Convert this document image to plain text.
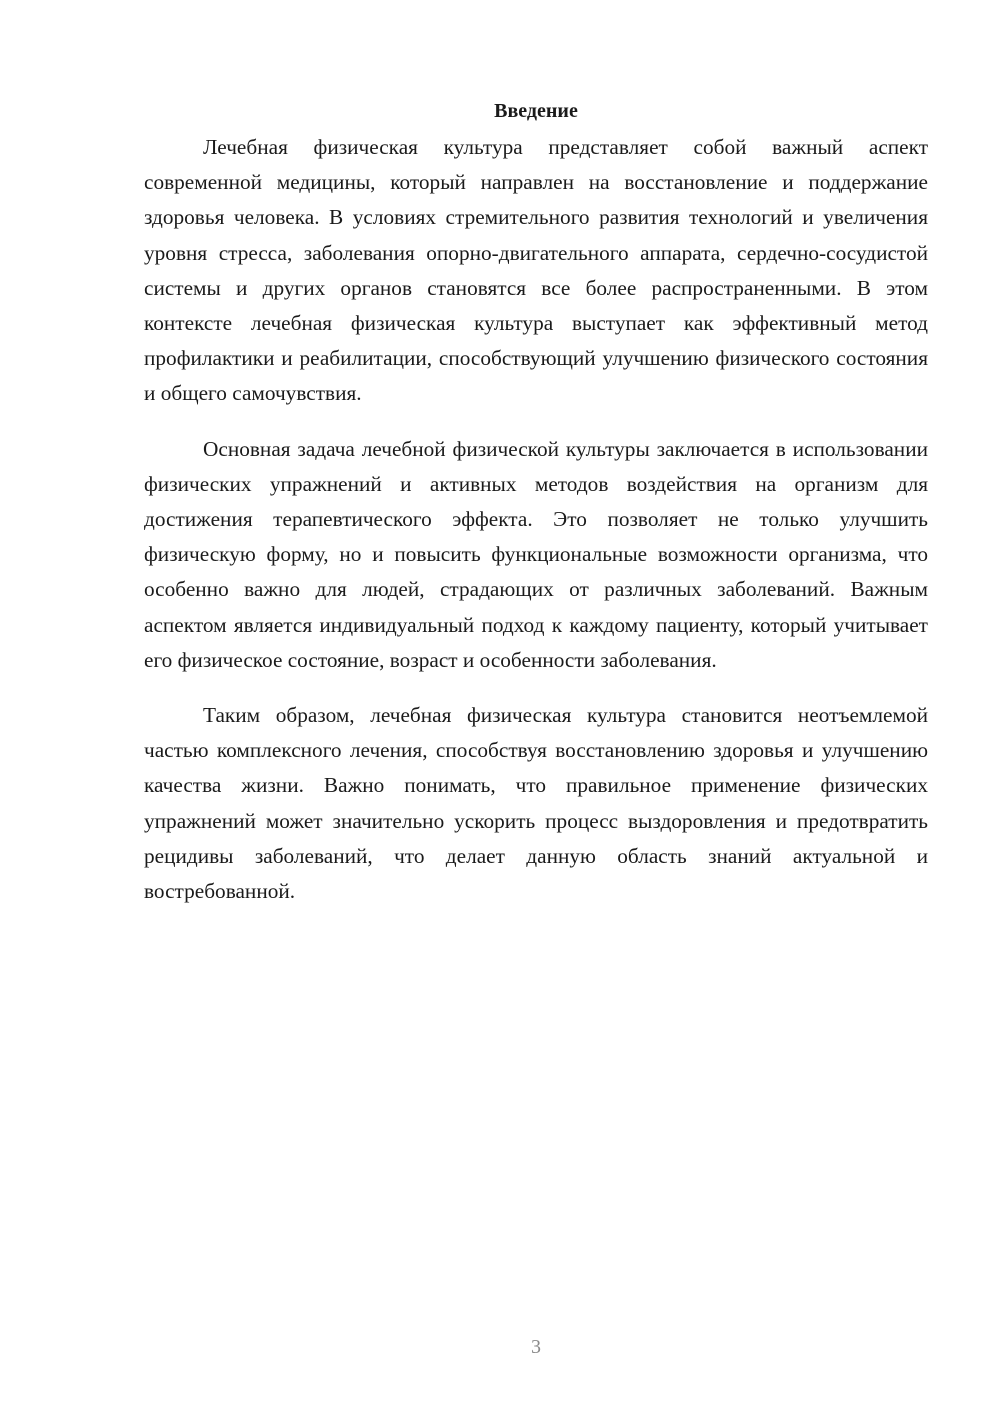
Введение

Лечебная физическая культура представляет собой важный аспект современной медицины, который направлен на восстановление и поддержание здоровья человека. В условиях стремительного развития технологий и увеличения уровня стресса, заболевания опорно-двигательного аппарата, сердечно-сосудистой системы и других органов становятся все более распространенными. В этом контексте лечебная физическая культура выступает как эффективный метод профилактики и реабилитации, способствующий улучшению физического состояния и общего самочувствия.

Основная задача лечебной физической культуры заключается в использовании физических упражнений и активных методов воздействия на организм для достижения терапевтического эффекта. Это позволяет не только улучшить физическую форму, но и повысить функциональные возможности организма, что особенно важно для людей, страдающих от различных заболеваний. Важным аспектом является индивидуальный подход к каждому пациенту, который учитывает его физическое состояние, возраст и особенности заболевания.

Таким образом, лечебная физическая культура становится неотъемлемой частью комплексного лечения, способствуя восстановлению здоровья и улучшению качества жизни. Важно понимать, что правильное применение физических упражнений может значительно ускорить процесс выздоровления и предотвратить рецидивы заболеваний, что делает данную область знаний актуальной и востребованной.

3
